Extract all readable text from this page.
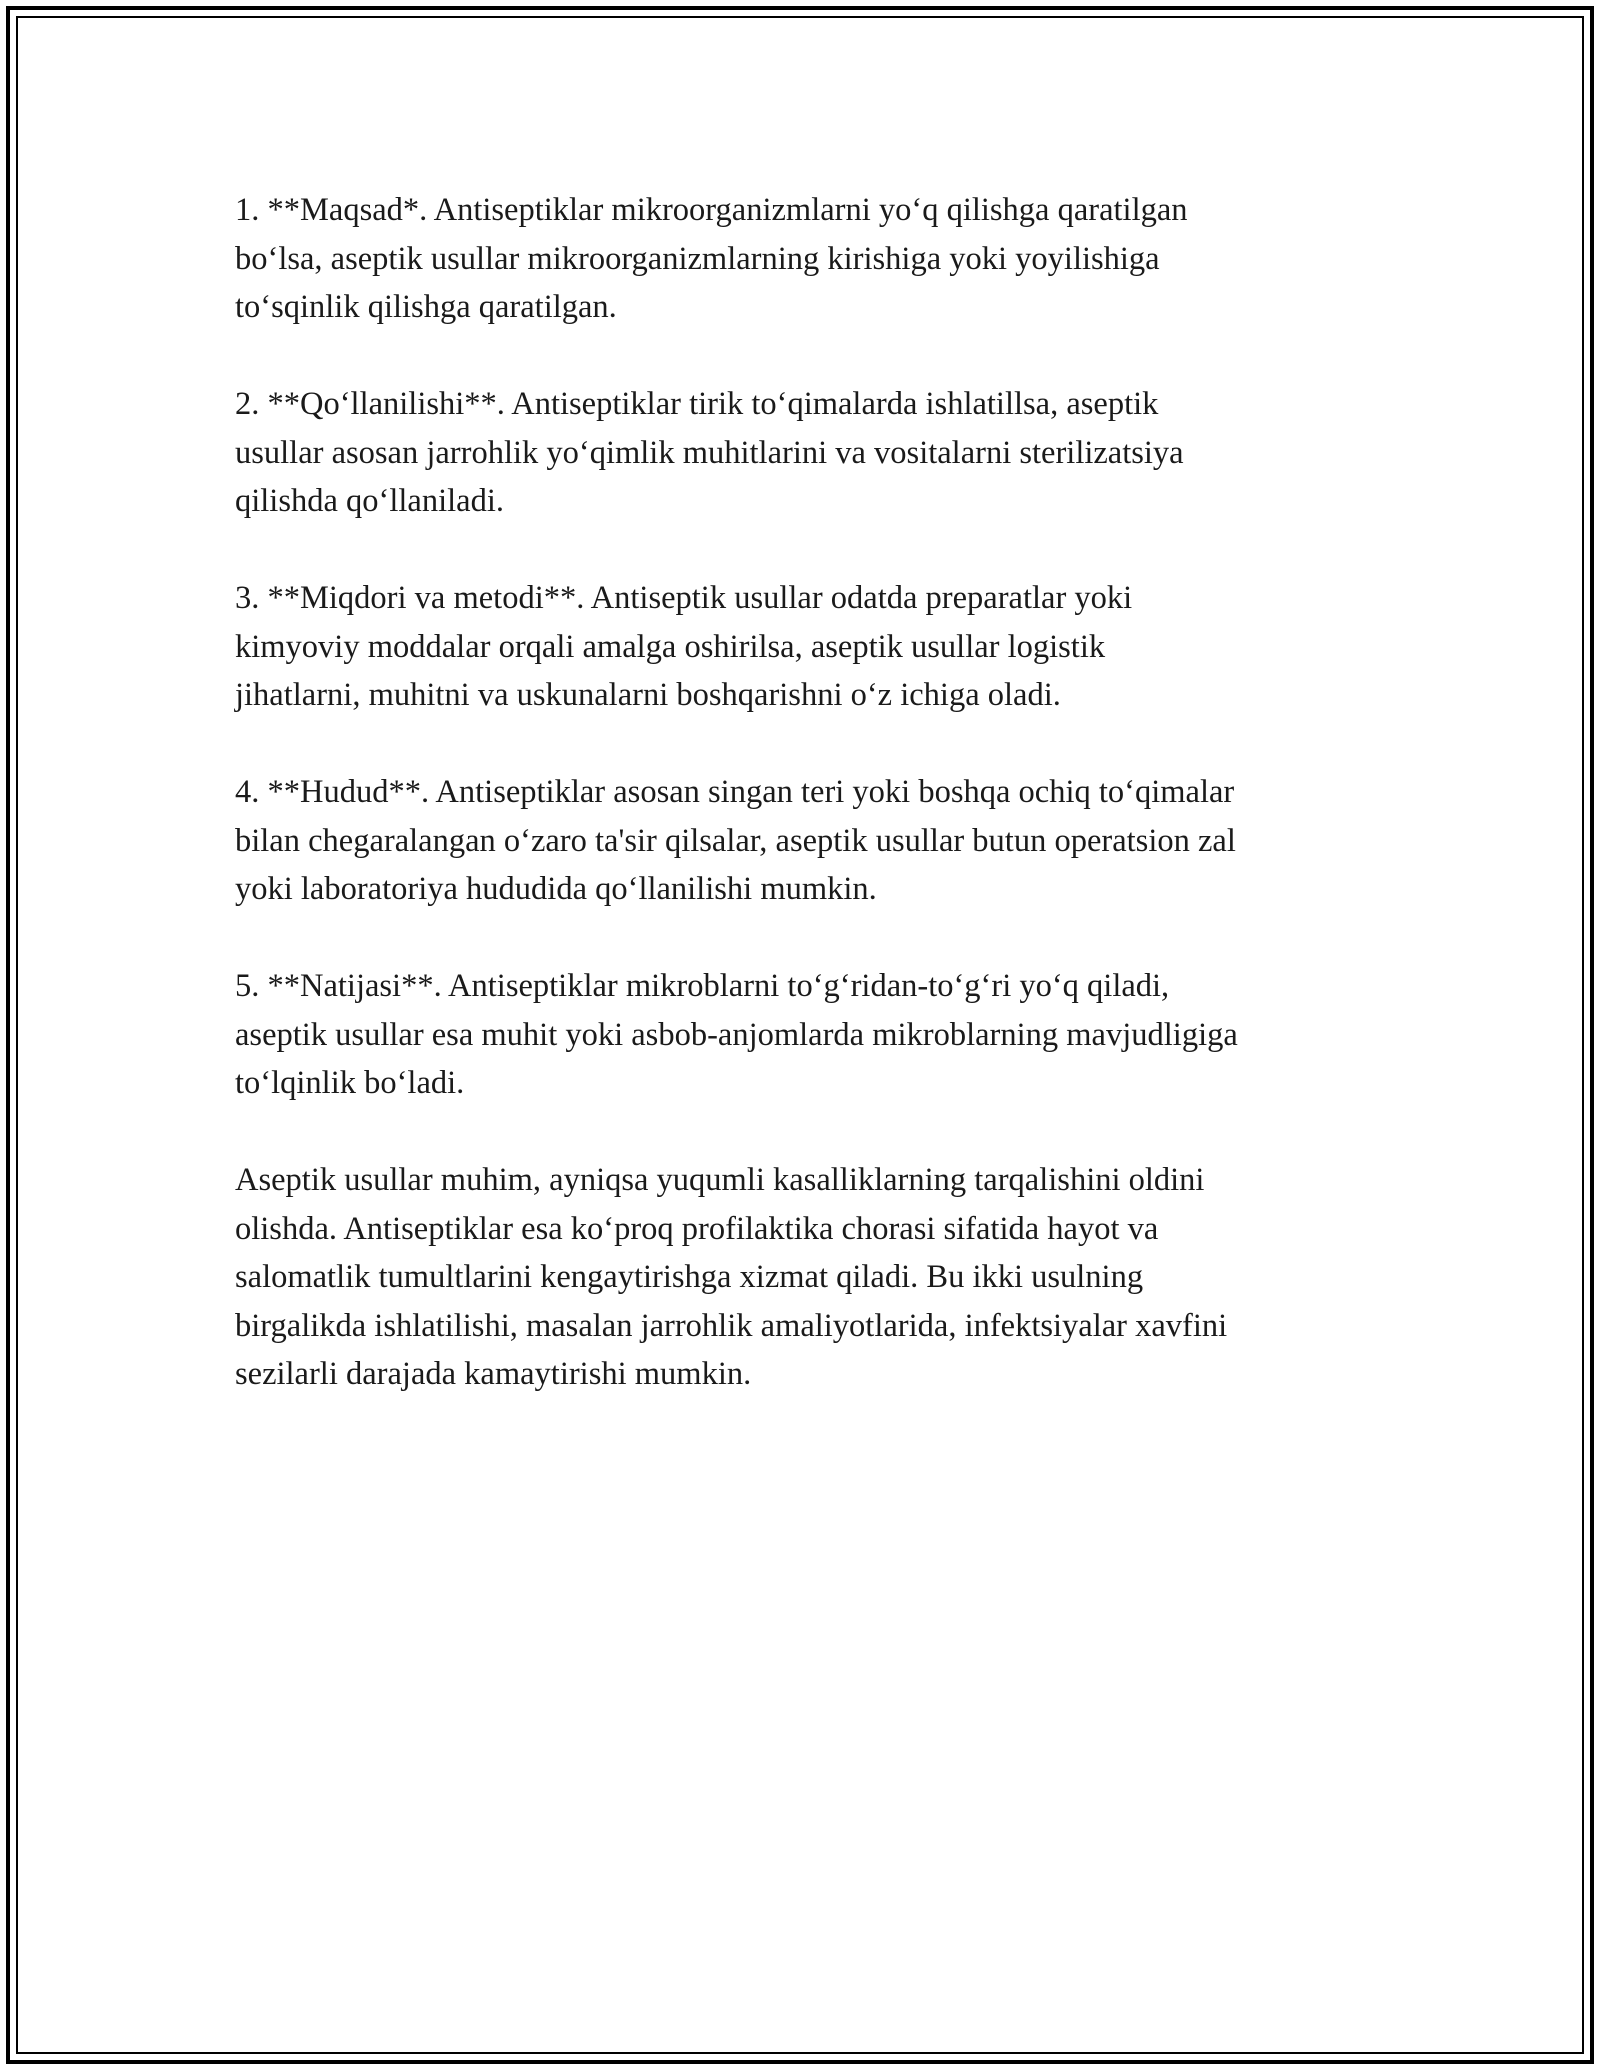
1. **Maqsad*. Antiseptiklar mikroorganizmlarni yo‘q qilishga qaratilgan
bo‘lsa, aseptik usullar mikroorganizmlarning kirishiga yoki yoyilishiga
to‘sqinlik qilishga qaratilgan.

2. **Qo‘llanilishi**. Antiseptiklar tirik to‘qimalarda ishlatillsa, aseptik
usullar asosan jarrohlik yo‘qimlik muhitlarini va vositalarni sterilizatsiya
qilishda qo‘llaniladi.

3. **Miqdori va metodi**. Antiseptik usullar odatda preparatlar yoki
kimyoviy moddalar orqali amalga oshirilsa, aseptik usullar logistik
jihatlarni, muhitni va uskunalarni boshqarishni o‘z ichiga oladi.

4. **Hudud**. Antiseptiklar asosan singan teri yoki boshqa ochiq to‘qimalar
bilan chegaralangan o‘zaro ta'sir qilsalar, aseptik usullar butun operatsion zal
yoki laboratoriya hududida qo‘llanilishi mumkin.

5. **Natijasi**. Antiseptiklar mikroblarni to‘g‘ridan-to‘g‘ri yo‘q qiladi,
aseptik usullar esa muhit yoki asbob-anjomlarda mikroblarning mavjudligiga
to‘lqinlik bo‘ladi.

Aseptik usullar muhim, ayniqsa yuqumli kasalliklarning tarqalishini oldini
olishda. Antiseptiklar esa ko‘proq profilaktika chorasi sifatida hayot va
salomatlik tumultlarini kengaytirishga xizmat qiladi. Bu ikki usulning
birgalikda ishlatilishi, masalan jarrohlik amaliyotlarida, infektsiyalar xavfini
sezilarli darajada kamaytirishi mumkin.
